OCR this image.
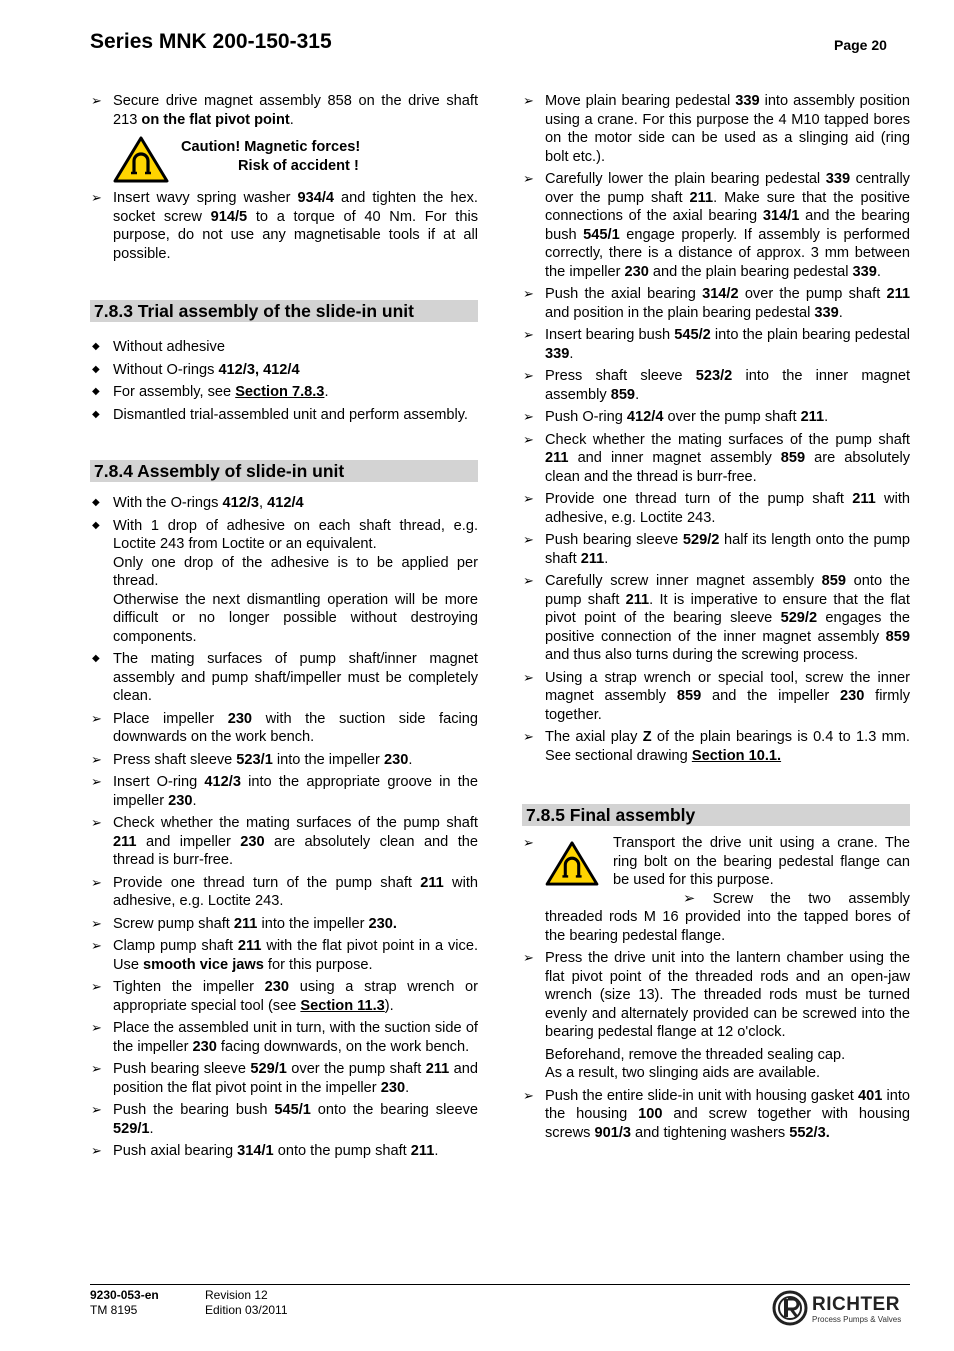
Series MNK 200-150-315	Page 20
➢ Secure drive magnet assembly 858 on the drive shaft 213 on the flat pivot point.
Caution! Magnetic forces!
Risk of accident !
➢ Insert wavy spring washer 934/4 and tighten the hex. socket screw 914/5 to a torque of 40 Nm. For this purpose, do not use any magnetisable tools if at all possible.
7.8.3 Trial assembly of the slide-in unit
◆ Without adhesive
◆ Without O-rings 412/3, 412/4
◆ For assembly, see Section 7.8.3.
◆ Dismantled trial-assembled unit and perform assembly.
7.8.4 Assembly of slide-in unit
◆ With the O-rings 412/3, 412/4
◆ With 1 drop of adhesive on each shaft thread, e.g. Loctite 243 from Loctite or an equivalent.
Only one drop of the adhesive is to be applied per thread.
Otherwise the next dismantling operation will be more difficult or no longer possible without destroying components.
◆ The mating surfaces of pump shaft/inner magnet assembly and pump shaft/impeller must be completely clean.
➢ Place impeller 230 with the suction side facing downwards on the work bench.
➢ Press shaft sleeve 523/1 into the impeller 230.
➢ Insert O-ring 412/3 into the appropriate groove in the impeller 230.
➢ Check whether the mating surfaces of the pump shaft 211 and impeller 230 are absolutely clean and the thread is burr-free.
➢ Provide one thread turn of the pump shaft 211 with adhesive, e.g. Loctite 243.
➢ Screw pump shaft 211 into the impeller 230.
➢ Clamp pump shaft 211 with the flat pivot point in a vice. Use smooth vice jaws for this purpose.
➢ Tighten the impeller 230 using a strap wrench or appropriate special tool (see Section 11.3).
➢ Place the assembled unit in turn, with the suction side of the impeller 230 facing downwards, on the work bench.
➢ Push bearing sleeve 529/1 over the pump shaft 211 and position the flat pivot point in the impeller 230.
➢ Push the bearing bush 545/1 onto the bearing sleeve 529/1.
➢ Push axial bearing 314/1 onto the pump shaft 211.
➢ Move plain bearing pedestal 339 into assembly position using a crane. For this purpose the 4 M10 tapped bores on the motor side can be used as a slinging aid (ring bolt etc.).
➢ Carefully lower the plain bearing pedestal 339 centrally over the pump shaft 211. Make sure that the positive connections of the axial bearing 314/1 and the bearing bush 545/1 engage properly. If assembly is performed correctly, there is a distance of approx. 3 mm between the impeller 230 and the plain bearing pedestal 339.
➢ Push the axial bearing 314/2 over the pump shaft 211 and position in the plain bearing pedestal 339.
➢ Insert bearing bush 545/2 into the plain bearing pedestal 339.
➢ Press shaft sleeve 523/2 into the inner magnet assembly 859.
➢ Push O-ring 412/4 over the pump shaft 211.
➢ Check whether the mating surfaces of the pump shaft 211 and inner magnet assembly 859 are absolutely clean and the thread is burr-free.
➢ Provide one thread turn of the pump shaft 211 with adhesive, e.g. Loctite 243.
➢ Push bearing sleeve 529/2 half its length onto the pump shaft 211.
➢ Carefully screw inner magnet assembly 859 onto the pump shaft 211. It is imperative to ensure that the flat pivot point of the bearing sleeve 529/2 engages the positive connection of the inner magnet assembly 859 and thus also turns during the screwing process.
➢ Using a strap wrench or special tool, screw the inner magnet assembly 859 and the impeller 230 firmly together.
➢ The axial play Z of the plain bearings is 0.4 to 1.3 mm. See sectional drawing Section 10.1.
7.8.5 Final assembly
➢	Transport the drive unit using a crane. The ring bolt on the bearing pedestal flange can be used for this purpose.
➢ Screw the two assembly threaded rods M 16 provided into the tapped bores of the bearing pedestal flange.
➢ Press the drive unit into the lantern chamber using the flat pivot point of the threaded rods and an open-jaw wrench (size 13). The threaded rods must be turned evenly and alternately provided can be screwed into the bearing pedestal flange at 12 o'clock.
Beforehand, remove the threaded sealing cap.
As a result, two slinging aids are available.
➢ Push the entire slide-in unit with housing gasket 401 into the housing 100 and screw together with housing screws 901/3 and tightening washers 552/3.
9230-053-en
TM 8195
Revision 12
Edition 03/2011	RICHTER
Process Pumps & Valves
